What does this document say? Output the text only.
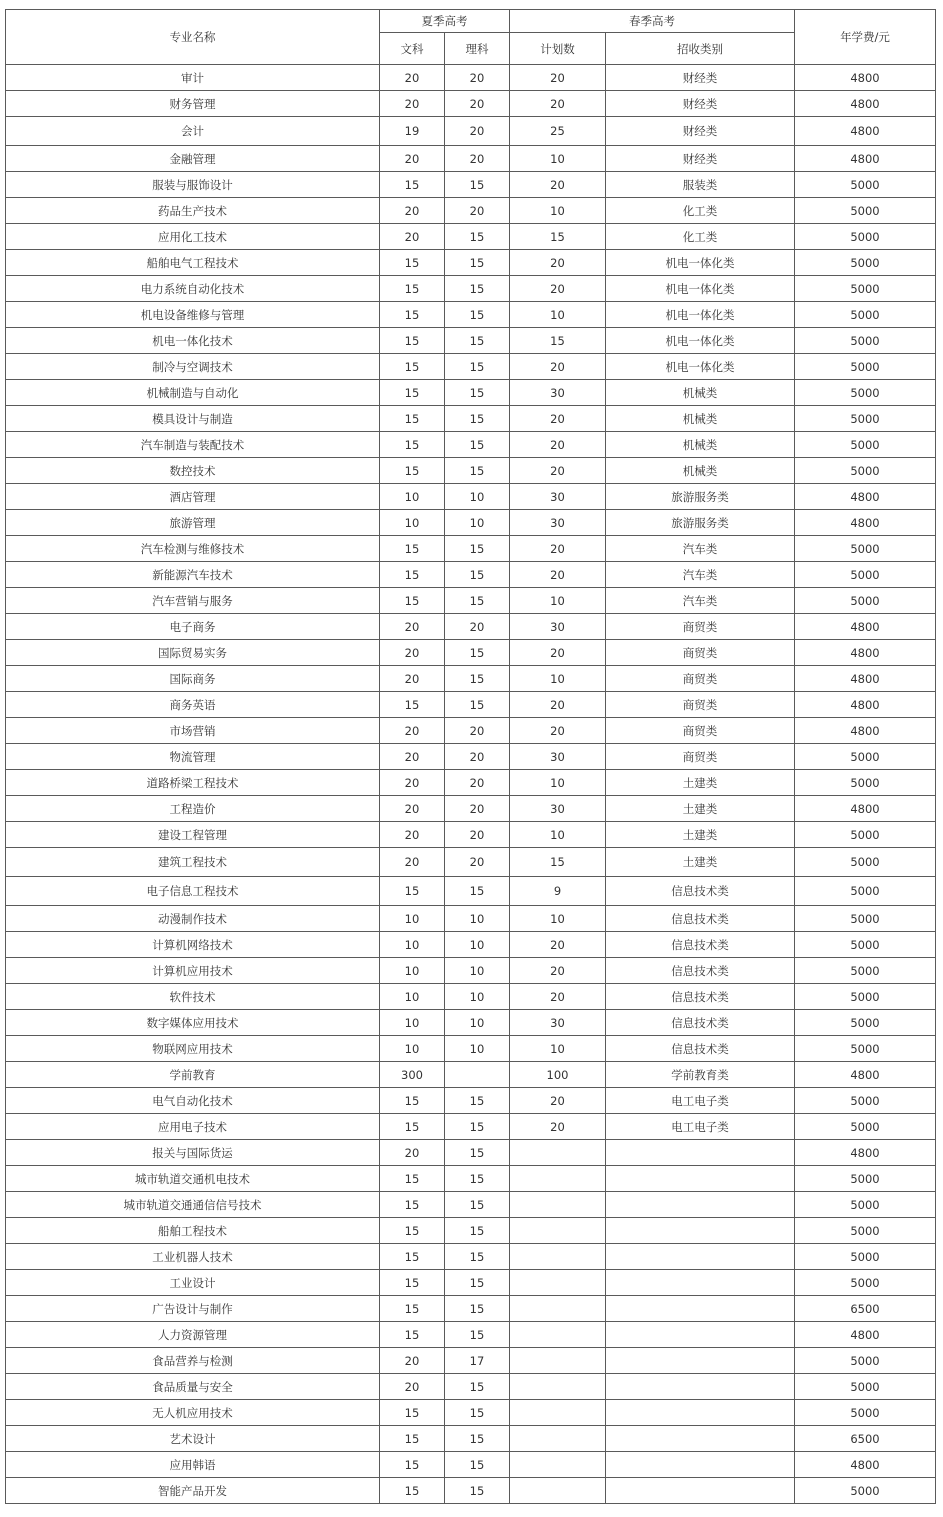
专业名称	夏季高考		春季高考		年学费/元
	文科	理科	计划数	招收类别	
审计	20	20	20	财经类	4800
财务管理	20	20	20	财经类	4800
会计	19	20	25	财经类	4800
金融管理	20	20	10	财经类	4800
服装与服饰设计	15	15	20	服装类	5000
药品生产技术	20	20	10	化工类	5000
应用化工技术	20	15	15	化工类	5000
船舶电气工程技术	15	15	20	机电一体化类	5000
电力系统自动化技术	15	15	20	机电一体化类	5000
机电设备维修与管理	15	15	10	机电一体化类	5000
机电一体化技术	15	15	15	机电一体化类	5000
制冷与空调技术	15	15	20	机电一体化类	5000
机械制造与自动化	15	15	30	机械类	5000
模具设计与制造	15	15	20	机械类	5000
汽车制造与装配技术	15	15	20	机械类	5000
数控技术	15	15	20	机械类	5000
酒店管理	10	10	30	旅游服务类	4800
旅游管理	10	10	30	旅游服务类	4800
汽车检测与维修技术	15	15	20	汽车类	5000
新能源汽车技术	15	15	20	汽车类	5000
汽车营销与服务	15	15	10	汽车类	5000
电子商务	20	20	30	商贸类	4800
国际贸易实务	20	15	20	商贸类	4800
国际商务	20	15	10	商贸类	4800
商务英语	15	15	20	商贸类	4800
市场营销	20	20	20	商贸类	4800
物流管理	20	20	30	商贸类	5000
道路桥梁工程技术	20	20	10	土建类	5000
工程造价	20	20	30	土建类	4800
建设工程管理	20	20	10	土建类	5000
建筑工程技术	20	20	15	土建类	5000
电子信息工程技术	15	15	9	信息技术类	5000
动漫制作技术	10	10	10	信息技术类	5000
计算机网络技术	10	10	20	信息技术类	5000
计算机应用技术	10	10	20	信息技术类	5000
软件技术	10	10	20	信息技术类	5000
数字媒体应用技术	10	10	30	信息技术类	5000
物联网应用技术	10	10	10	信息技术类	5000
学前教育	300		100	学前教育类	4800
电气自动化技术	15	15	20	电工电子类	5000
应用电子技术	15	15	20	电工电子类	5000
报关与国际货运	20	15			4800
城市轨道交通机电技术	15	15			5000
城市轨道交通通信信号技术	15	15			5000
船舶工程技术	15	15			5000
工业机器人技术	15	15			5000
工业设计	15	15			5000
广告设计与制作	15	15			6500
人力资源管理	15	15			4800
食品营养与检测	20	17			5000
食品质量与安全	20	15			5000
无人机应用技术	15	15			5000
艺术设计	15	15			6500
应用韩语	15	15			4800
智能产品开发	15	15			5000
